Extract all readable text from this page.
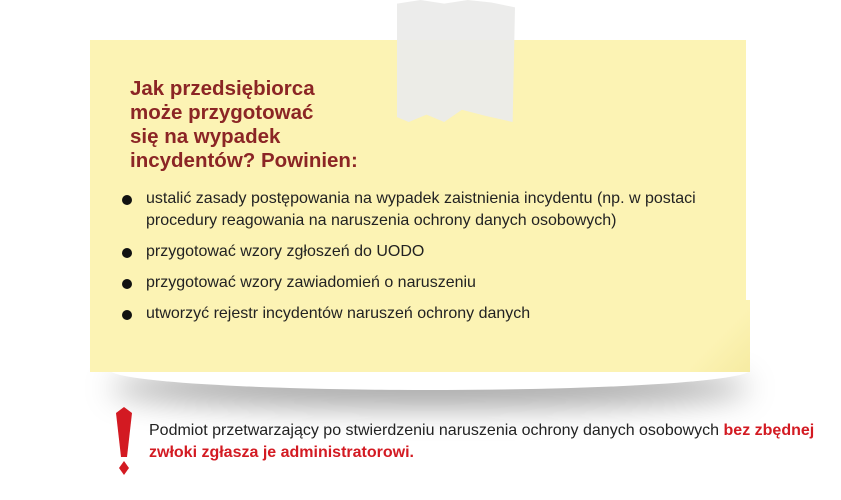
Jak przedsiębiorca
może przygotować
się na wypadek
incydentów? Powinien:
ustalić zasady postępowania na wypadek zaistnienia incydentu (np. w postaci procedury reagowania na naruszenia ochrony danych osobowych)
przygotować wzory zgłoszeń do UODO
przygotować wzory zawiadomień o naruszeniu
utworzyć rejestr incydentów naruszeń ochrony danych

Podmiot przetwarzający po stwierdzeniu naruszenia ochrony danych osobowych bez zbędnej zwłoki zgłasza je administratorowi.
